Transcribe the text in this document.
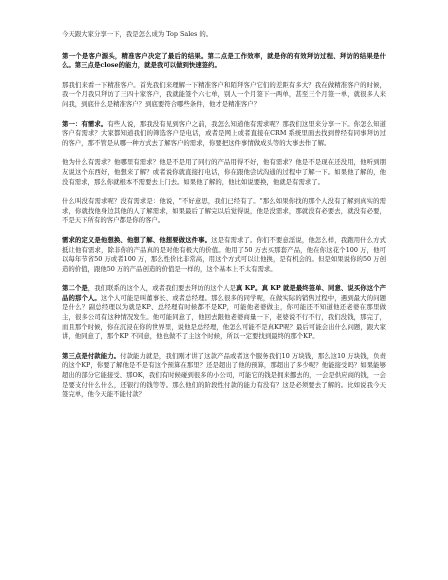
今天跟大家分享一下，我是怎么成为 Top Sales 的。

第一个是客户源头，精准客户决定了最后的结果。第二点是工作效率，就是你的有效拜访过程、拜访的结果是什么。第三点是close的能力，就是我可以做到快速签约。

那我们来看一下精准客户。首先我们来理解一下精准客户和陌拜客户它们的差距有多大？我在做精准客户的时候，我一个月我只拜访了三四十家客户，我就能签个六七单，别人一个月签下一两单，甚至三个月签一单，就很多人来问我，到底什么是精准客户？到底要符合哪些条件，他才是精准客户？

第一：有需求。有些人说，那我没有见到客户之前，我怎么知道他有需求呢？那我们这里来分享一下。你怎么知道客户有需求？大家都知道我们的筛选客户是电话，或者是网上或者直接在CRM 系统里面去找到曾经有同事拜访过的客户，那不管是从哪一种方式去了解客户的需求，你要把这件事情做成头等的大事去作了解。

他为什么有需求？他哪里有需求？他是不是用了同行的产品用得不好，他有需求？他是不是现在还没用，他听到朋友说这个东西好，他想来了解？或者说你就直接打电话，你在跟他尝试沟通的过程中了解一下。如果他了解的，他没有需求，那么你就根本不需要去上门去。如果他了解的，他比如说要换，他就是有需求了。

什么叫没有需求呢？没有需求是：他说，"不好意思，我们已经有了。"那么如果你找的那个人没有了解到真实的需求，你就找他身边其他的人了解需求，如果最后了解完以后觉得说，他是没需求，那就没有必要去，就没有必要，不是天下所有的客户都是你的客户。

需求的定义是他想换、他想了解、他想要做这件事。这是有需求了。你们不要意淫说，他怎么样，我跑用什么方式抵让他有需求，除非你的产品真的是对他有极大的价值。他用了50 万去买那套产品，他在你这花个100 万，他可以每年节省50 万或者100 万，那么性价比非常高，用这个方式可以让他换，是有机会的。但是如果说你的50 万创造的价值，跟他50 万的产品创造的价值是一样的，这个基本上不太有需求。

第二个是，我们联系的这个人，或者我们要去拜访的这个人是真 KP。真 KP 就是最终签单、同意、说买你这个产品的那个人。这个人可能是叫董事长、或者总经理。那么很多的同学呢，在做实际的销售过程中，遇到最大的问题是什么？副总经理以为就是KP、总经理有时候都不是KP，可能他老婆做主，你可能还不知道他还老婆在那里做主，很多公司有这种情况发生。他可能同意了，他回去跟他老婆商量一下，老婆说不行不行，我们没钱，那完了，而且那个时候，你在沉浸在你的世界里，说他是总经理，他怎么可能不是真KP呢？最后可能会出什么问题，跟大家讲，他同意了，那个KP 不同意，他也做不了主这个时候，所以一定要找到最终的那个KP。

第三点是付款能力。付款能力就是，我们刚才讲了这款产品或者这个服务我们10 万块钱，那么这10 万块钱，负责的这个KP，你要了解他是不是有这个预算在那里？还是超出了他的预算，那超出了多少呢？他能接受吗？如果能够超出的部分它能接受、那OK，我们有时候碰到很多的小公司，可能它的钱是拥来挪去的，一会是供应商的钱，一会是要支付什么什么，还银行的钱等等。那么他们的阶段性付款的能力有没有？这是必须要去了解的。比如说我今天签完单，他今天能不能付款？
